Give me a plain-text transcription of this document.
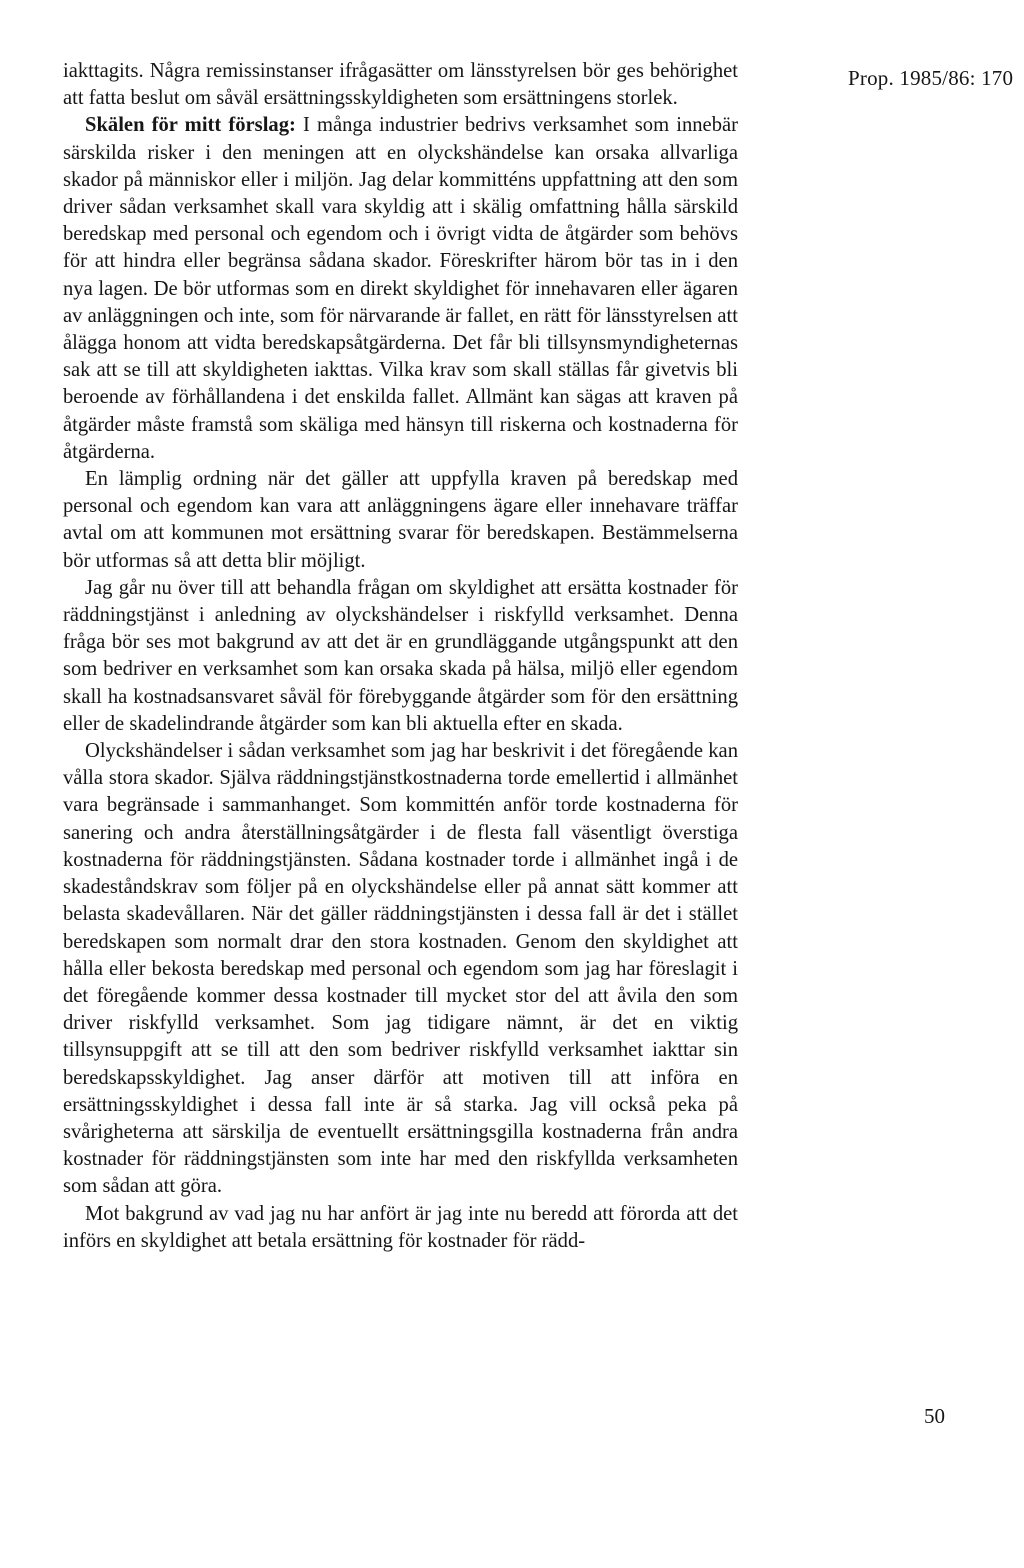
Prop. 1985/86: 170

iakttagits. Några remissinstanser ifrågasätter om länsstyrelsen bör ges behörighet att fatta beslut om såväl ersättningsskyldigheten som ersättningens storlek.

Skälen för mitt förslag: I många industrier bedrivs verksamhet som innebär särskilda risker i den meningen att en olyckshändelse kan orsaka allvarliga skador på människor eller i miljön. Jag delar kommitténs uppfattning att den som driver sådan verksamhet skall vara skyldig att i skälig omfattning hålla särskild beredskap med personal och egendom och i övrigt vidta de åtgärder som behövs för att hindra eller begränsa sådana skador. Föreskrifter härom bör tas in i den nya lagen. De bör utformas som en direkt skyldighet för innehavaren eller ägaren av anläggningen och inte, som för närvarande är fallet, en rätt för länsstyrelsen att ålägga honom att vidta beredskapsåtgärderna. Det får bli tillsynsmyndigheternas sak att se till att skyldigheten iakttas. Vilka krav som skall ställas får givetvis bli beroende av förhållandena i det enskilda fallet. Allmänt kan sägas att kraven på åtgärder måste framstå som skäliga med hänsyn till riskerna och kostnaderna för åtgärderna.

En lämplig ordning när det gäller att uppfylla kraven på beredskap med personal och egendom kan vara att anläggningens ägare eller innehavare träffar avtal om att kommunen mot ersättning svarar för beredskapen. Bestämmelserna bör utformas så att detta blir möjligt.

Jag går nu över till att behandla frågan om skyldighet att ersätta kostnader för räddningstjänst i anledning av olyckshändelser i riskfylld verksamhet. Denna fråga bör ses mot bakgrund av att det är en grundläggande utgångspunkt att den som bedriver en verksamhet som kan orsaka skada på hälsa, miljö eller egendom skall ha kostnadsansvaret såväl för förebyggande åtgärder som för den ersättning eller de skadelindrande åtgärder som kan bli aktuella efter en skada.

Olyckshändelser i sådan verksamhet som jag har beskrivit i det föregående kan vålla stora skador. Själva räddningstjänstkostnaderna torde emellertid i allmänhet vara begränsade i sammanhanget. Som kommittén anför torde kostnaderna för sanering och andra återställningsåtgärder i de flesta fall väsentligt överstiga kostnaderna för räddningstjänsten. Sådana kostnader torde i allmänhet ingå i de skadeståndskrav som följer på en olyckshändelse eller på annat sätt kommer att belasta skadevållaren. När det gäller räddningstjänsten i dessa fall är det i stället beredskapen som normalt drar den stora kostnaden. Genom den skyldighet att hålla eller bekosta beredskap med personal och egendom som jag har föreslagit i det föregående kommer dessa kostnader till mycket stor del att åvila den som driver riskfylld verksamhet. Som jag tidigare nämnt, är det en viktig tillsynsuppgift att se till att den som bedriver riskfylld verksamhet iakttar sin beredskapsskyldighet. Jag anser därför att motiven till att införa en ersättningsskyldighet i dessa fall inte är så starka. Jag vill också peka på svårigheterna att särskilja de eventuellt ersättningsgilla kostnaderna från andra kostnader för räddningstjänsten som inte har med den riskfyllda verksamheten som sådan att göra.

Mot bakgrund av vad jag nu har anfört är jag inte nu beredd att förorda att det införs en skyldighet att betala ersättning för kostnader för rädd-

50
